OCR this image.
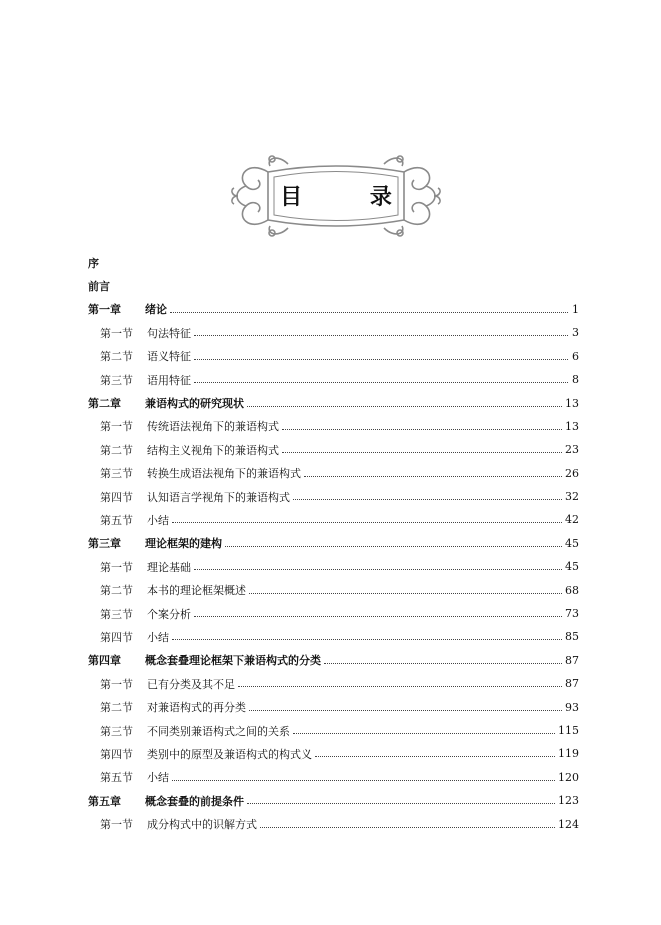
目 录
序
前言
第一章	绪论	1
第一节	句法特征	3
第二节	语义特征	6
第三节	语用特征	8
第二章	兼语构式的研究现状	13
第一节	传统语法视角下的兼语构式	13
第二节	结构主义视角下的兼语构式	23
第三节	转换生成语法视角下的兼语构式	26
第四节	认知语言学视角下的兼语构式	32
第五节	小结	42
第三章	理论框架的建构	45
第一节	理论基础	45
第二节	本书的理论框架概述	68
第三节	个案分析	73
第四节	小结	85
第四章	概念套叠理论框架下兼语构式的分类	87
第一节	已有分类及其不足	87
第二节	对兼语构式的再分类	93
第三节	不同类别兼语构式之间的关系	115
第四节	类别中的原型及兼语构式的构式义	119
第五节	小结	120
第五章	概念套叠的前提条件	123
第一节	成分构式中的识解方式	124
